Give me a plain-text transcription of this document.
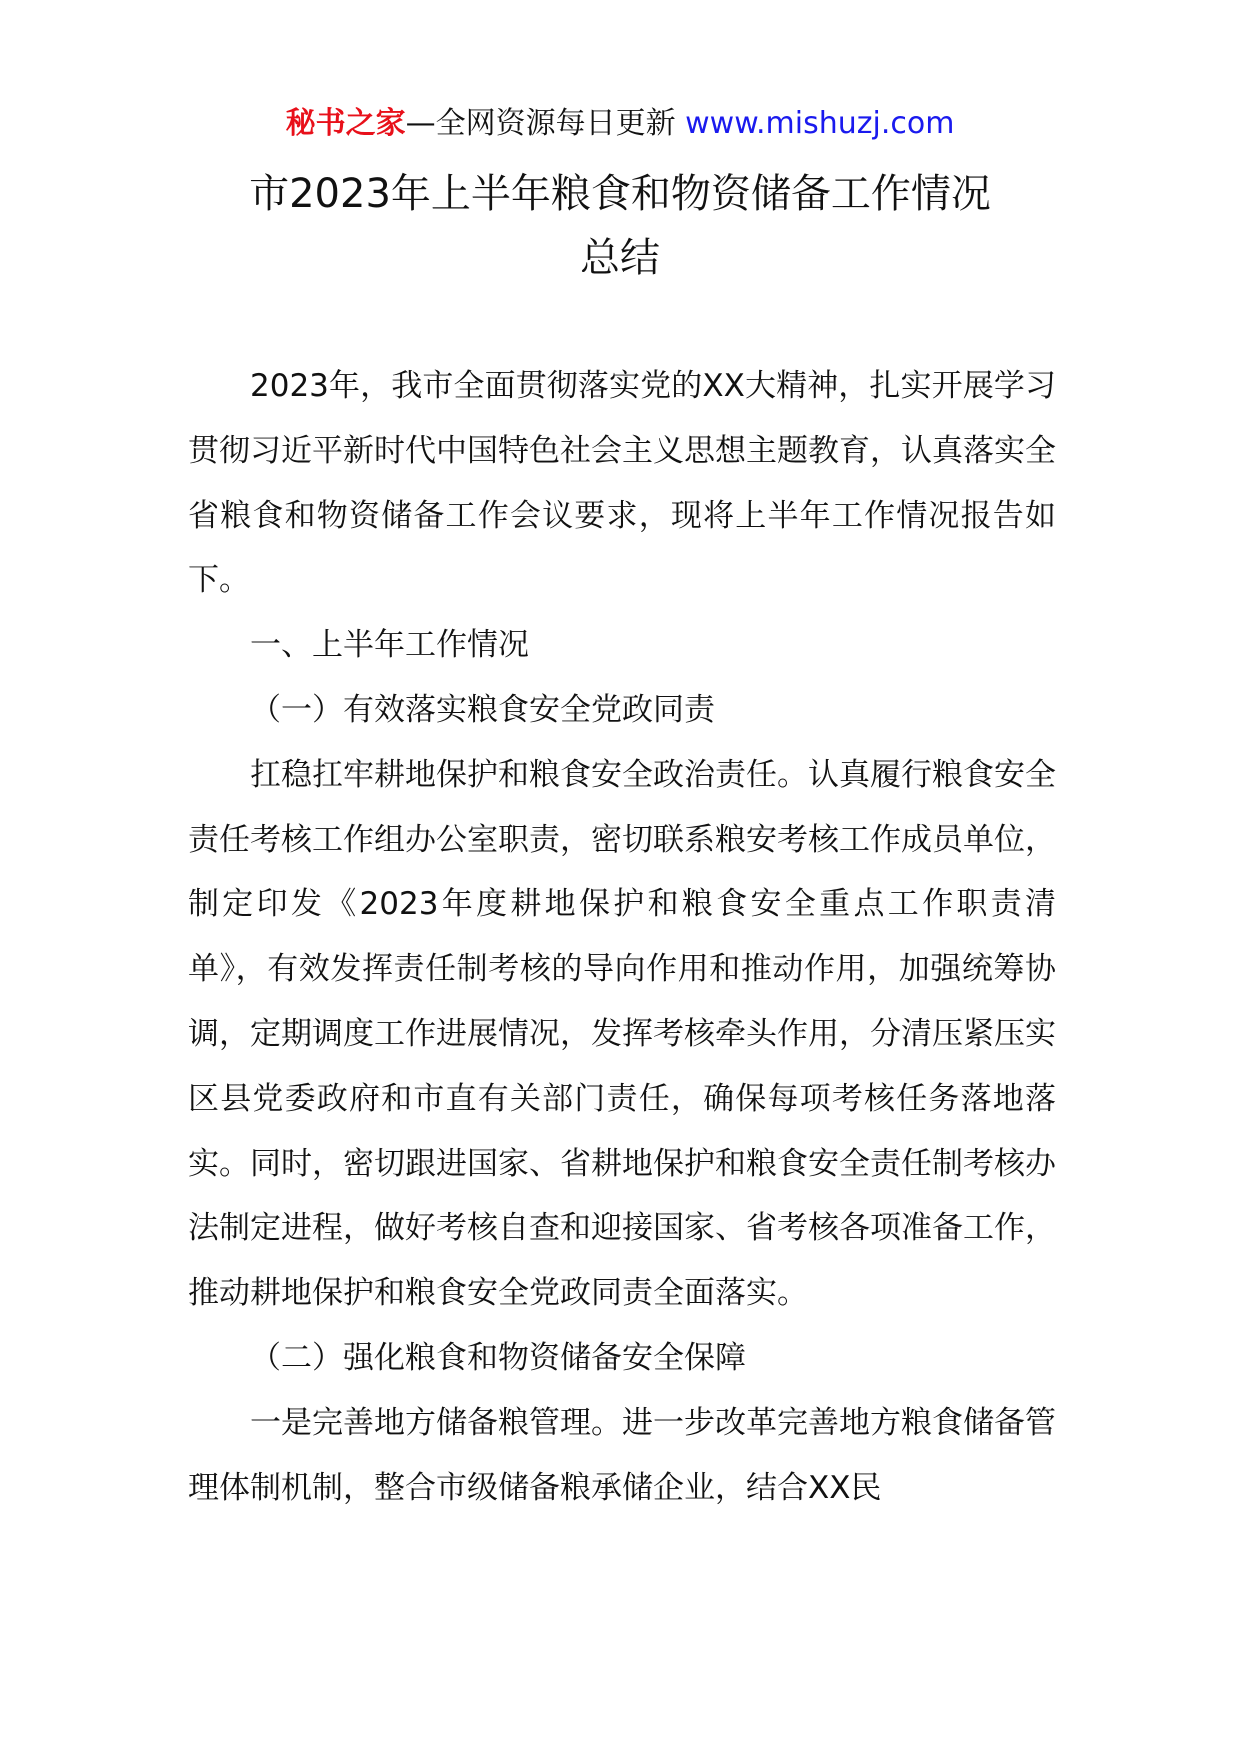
秘书之家—全网资源每日更新 www.mishuzj.com
市2023年上半年粮食和物资储备工作情况
总结

2023年，我市全面贯彻落实党的XX大精神，扎实开展学习贯彻习近平新时代中国特色社会主义思想主题教育，认真落实全省粮食和物资储备工作会议要求，现将上半年工作情况报告如下。

一、上半年工作情况

（一）有效落实粮食安全党政同责

扛稳扛牢耕地保护和粮食安全政治责任。认真履行粮食安全责任考核工作组办公室职责，密切联系粮安考核工作成员单位，制定印发《2023年度耕地保护和粮食安全重点工作职责清单》，有效发挥责任制考核的导向作用和推动作用，加强统筹协调，定期调度工作进展情况，发挥考核牵头作用，分清压紧压实区县党委政府和市直有关部门责任，确保每项考核任务落地落实。同时，密切跟进国家、省耕地保护和粮食安全责任制考核办法制定进程，做好考核自查和迎接国家、省考核各项准备工作，推动耕地保护和粮食安全党政同责全面落实。

（二）强化粮食和物资储备安全保障

一是完善地方储备粮管理。进一步改革完善地方粮食储备管理体制机制，整合市级储备粮承储企业，结合XX民
